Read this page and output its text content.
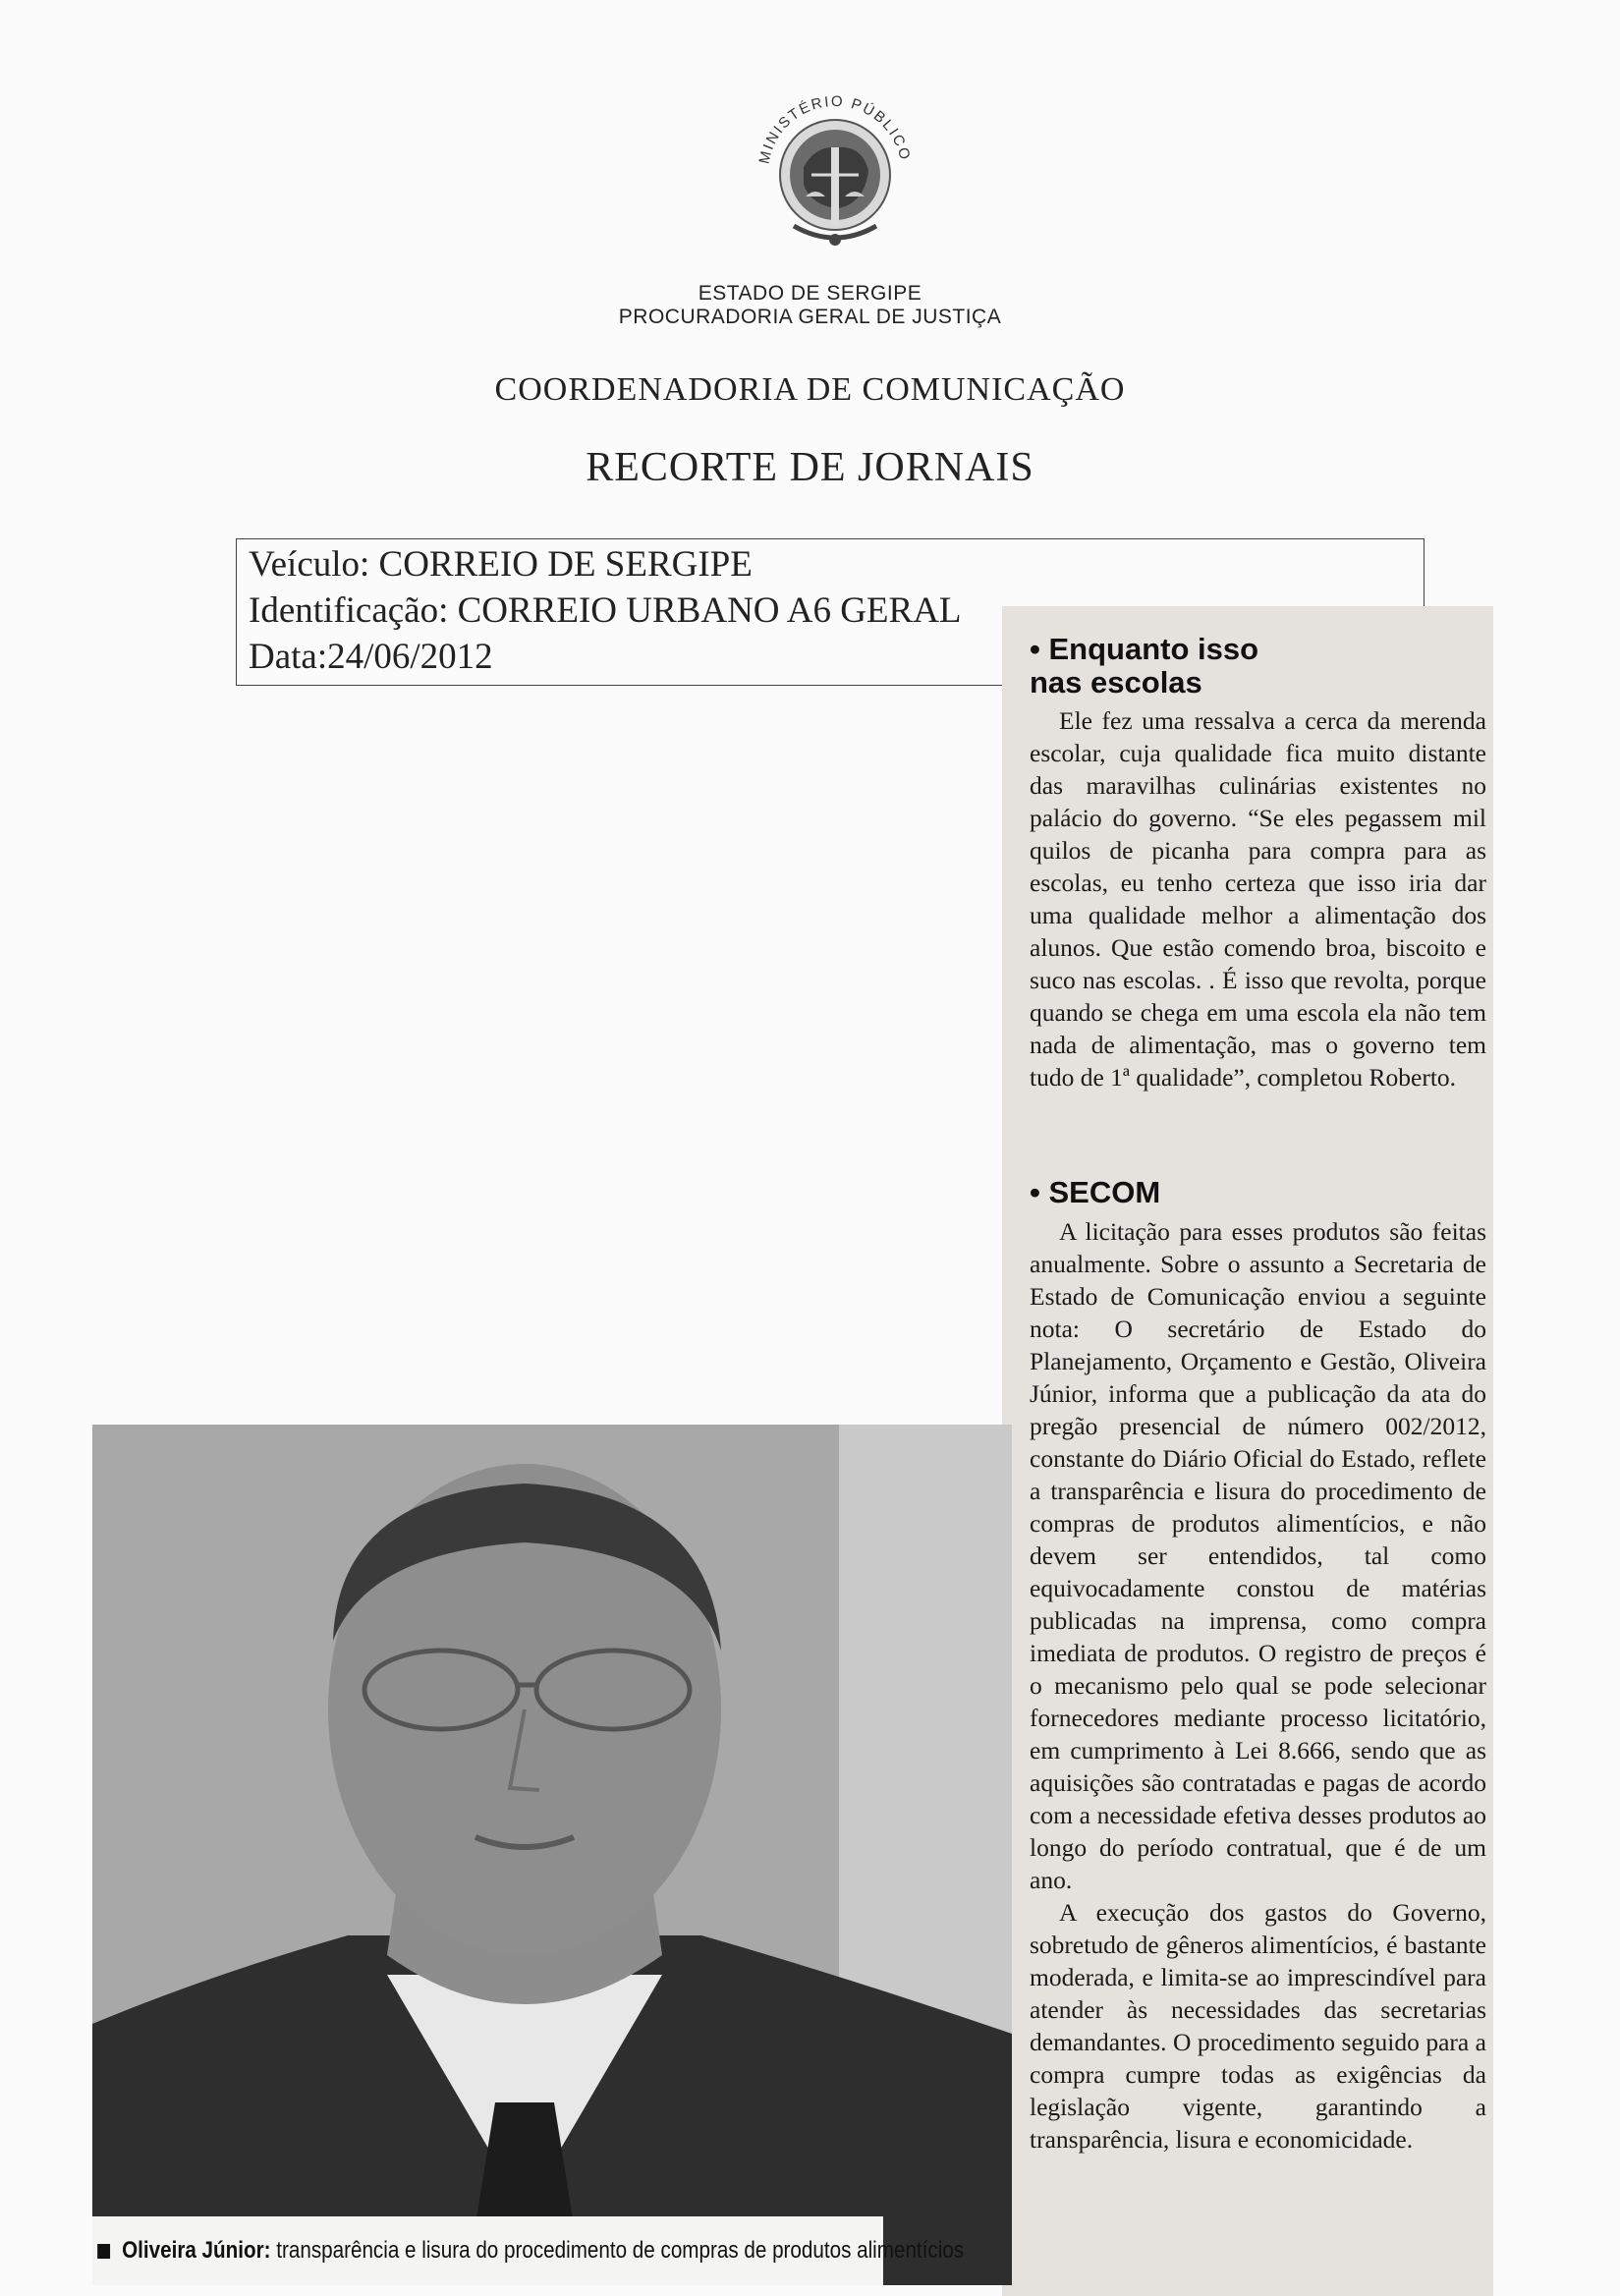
MINISTÉRIO PÚBLICO
ESTADO DE SERGIPE
PROCURADORIA GERAL DE JUSTIÇA
COORDENADORIA DE COMUNICAÇÃO
RECORTE DE JORNAIS
Veículo: CORREIO DE SERGIPE
Identificação: CORREIO URBANO A6 GERAL
Data:24/06/2012	• Enquanto isso
nas escolas

Ele fez uma ressalva a cerca da merenda escolar, cuja qualidade fica muito distante das maravilhas culinárias existentes no palácio do governo. “Se eles pegassem mil quilos de picanha para compra para as escolas, eu tenho certeza que isso iria dar uma qualidade melhor a alimentação dos alunos. Que estão comendo broa, biscoito e suco nas escolas. . É isso que revolta, porque quando se chega em uma escola ela não tem nada de alimentação, mas o governo tem tudo de 1ª qualidade”, completou Roberto.

• SECOM

A licitação para esses produtos são feitas anualmente. Sobre o assunto a Secretaria de Estado de Comunicação enviou a seguinte nota: O secretário de Estado do Planejamento, Orçamento e Gestão, Oliveira Júnior, informa que a publicação da ata do pregão presencial de número 002/2012, constante do Diário Oficial do Estado, reflete a transparência e lisura do procedimento de compras de produtos alimentícios, e não devem ser entendidos, tal como equivocadamente constou de matérias publicadas na imprensa, como compra imediata de produtos. O registro de preços é o mecanismo pelo qual se pode selecionar fornecedores mediante processo licitatório, em cumprimento à Lei 8.666, sendo que as aquisições são contratadas e pagas de acordo com a necessidade efetiva desses produtos ao longo do período contratual, que é de um ano.

A execução dos gastos do Governo, sobretudo de gêneros alimentícios, é bastante moderada, e limita-se ao imprescindível para atender às necessidades das secretarias demandantes. O procedimento seguido para a compra cumpre todas as exigências da legislação vigente, garantindo a transparência, lisura e economicidade.

Oliveira Júnior: transparência e lisura do procedimento de compras de produtos alimentícios
